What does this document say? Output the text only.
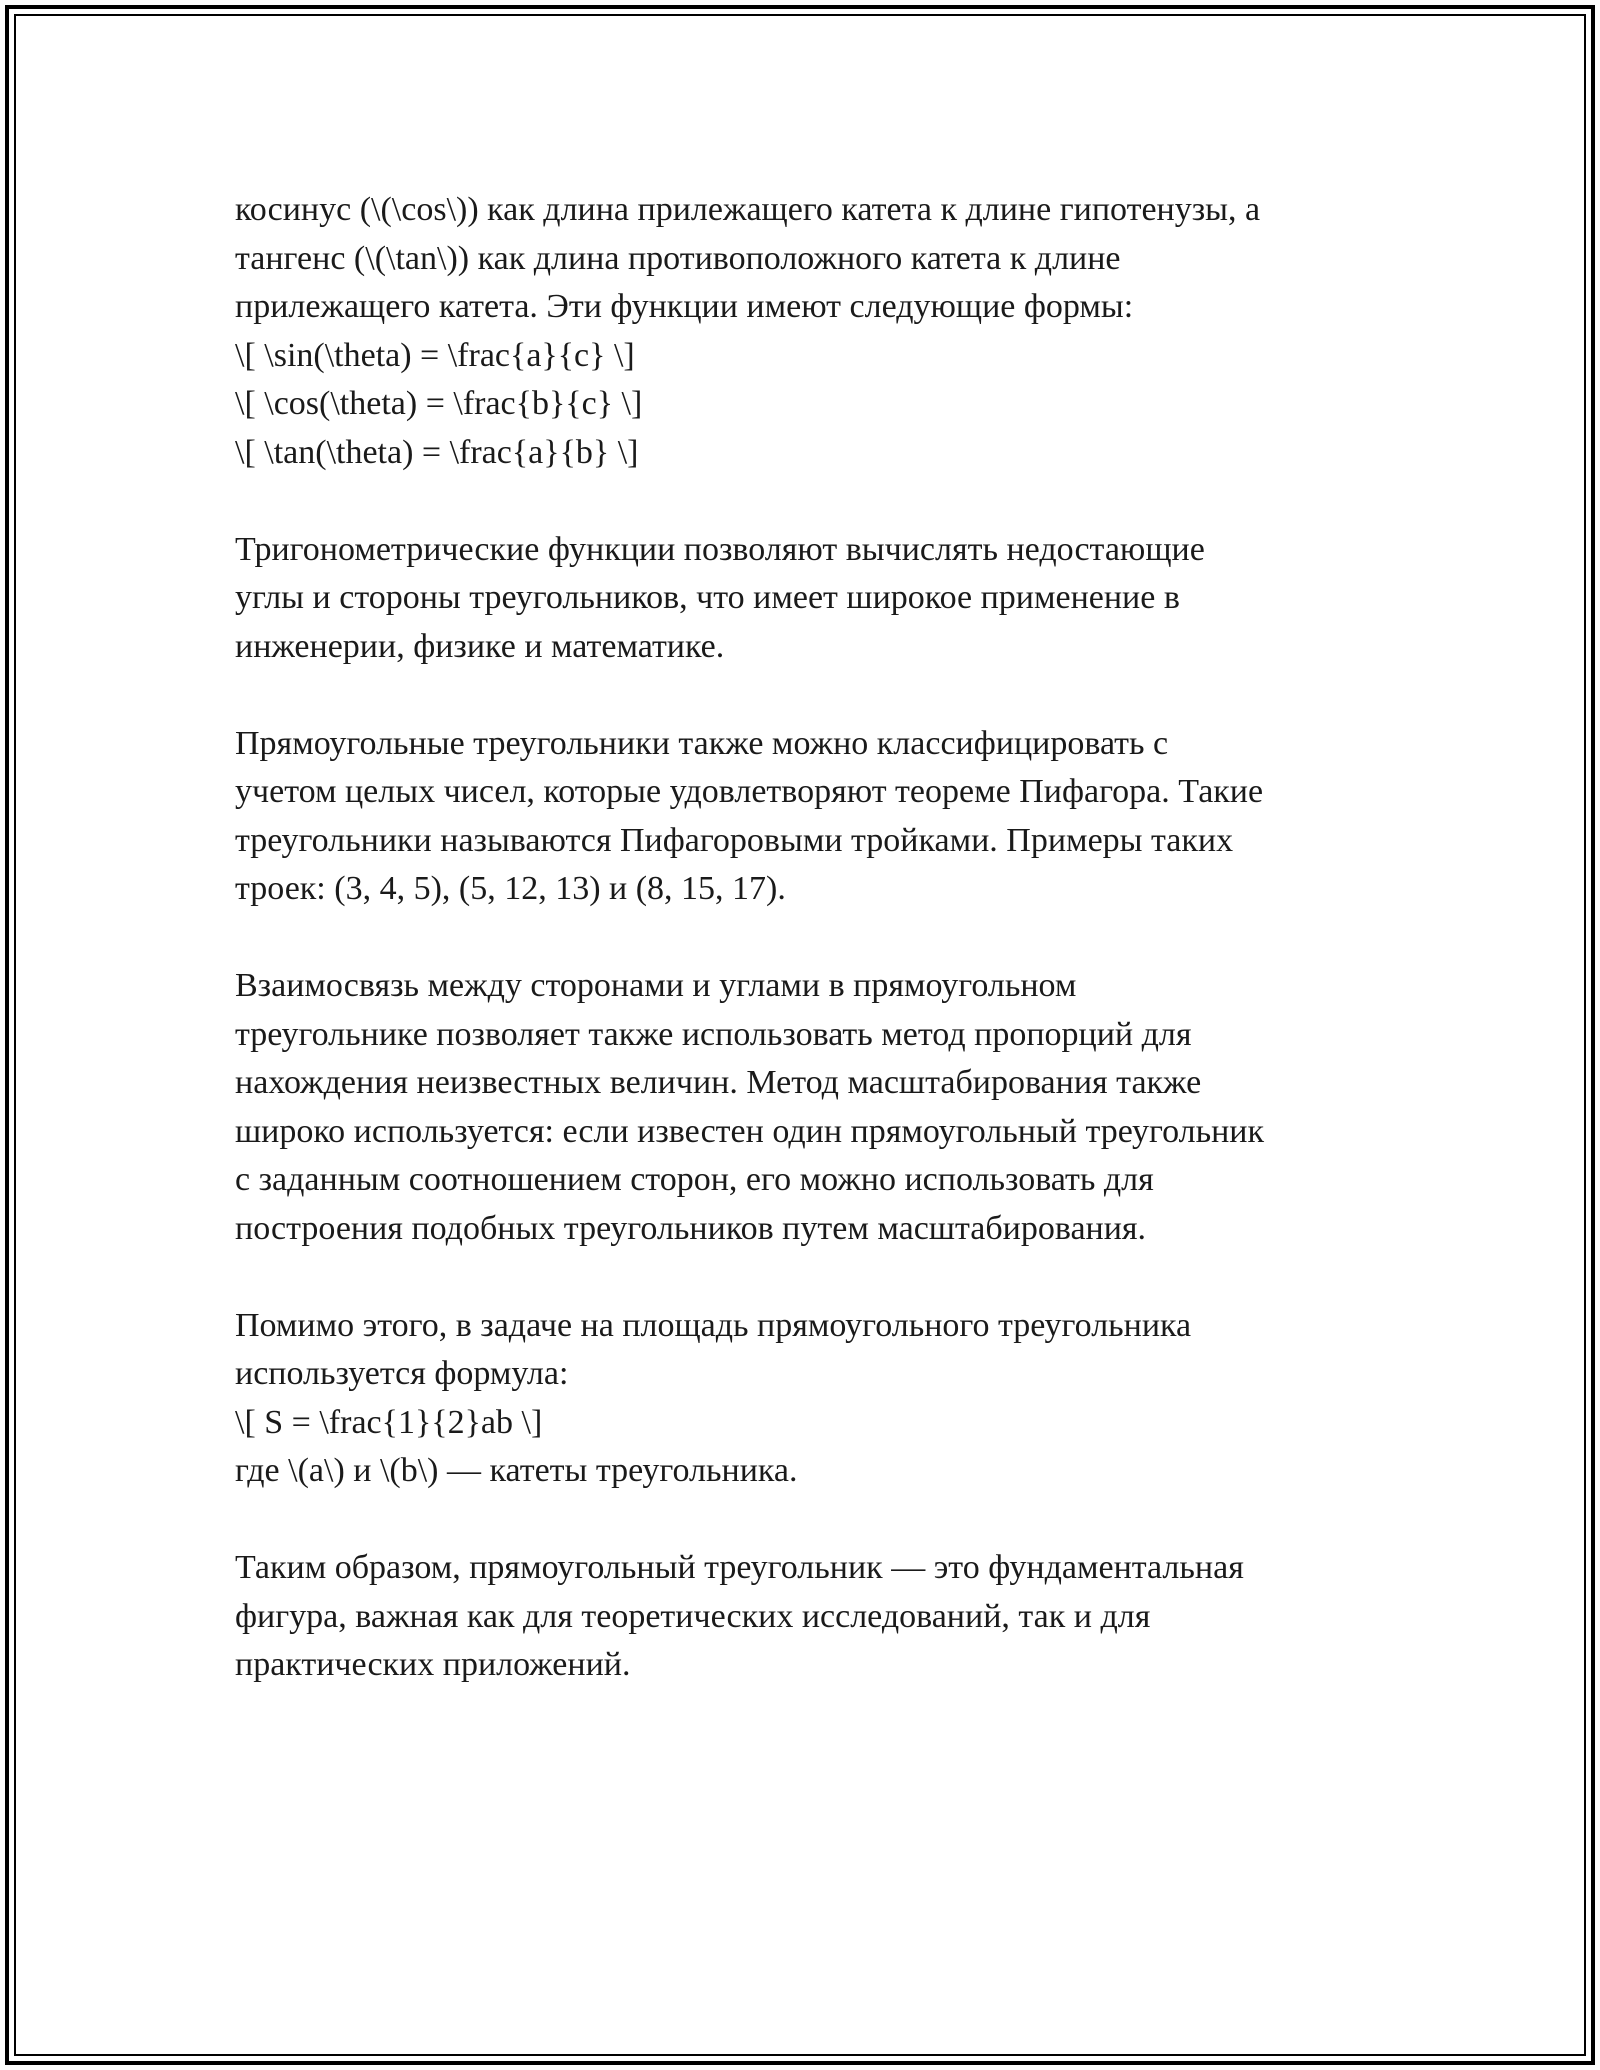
косинус (\(\cos\)) как длина прилежащего катета к длине гипотенузы, а
тангенс (\(\tan\)) как длина противоположного катета к длине
прилежащего катета. Эти функции имеют следующие формы:
\[ \sin(\theta) = \frac{a}{c} \]
\[ \cos(\theta) = \frac{b}{c} \]
\[ \tan(\theta) = \frac{a}{b} \]

Тригонометрические функции позволяют вычислять недостающие
углы и стороны треугольников, что имеет широкое применение в
инженерии, физике и математике.

Прямоугольные треугольники также можно классифицировать с
учетом целых чисел, которые удовлетворяют теореме Пифагора. Такие
треугольники называются Пифагоровыми тройками. Примеры таких
троек: (3, 4, 5), (5, 12, 13) и (8, 15, 17).

Взаимосвязь между сторонами и углами в прямоугольном
треугольнике позволяет также использовать метод пропорций для
нахождения неизвестных величин. Метод масштабирования также
широко используется: если известен один прямоугольный треугольник
с заданным соотношением сторон, его можно использовать для
построения подобных треугольников путем масштабирования.

Помимо этого, в задаче на площадь прямоугольного треугольника
используется формула:
\[ S = \frac{1}{2}ab \]
где \(a\) и \(b\) — катеты треугольника.

Таким образом, прямоугольный треугольник — это фундаментальная
фигура, важная как для теоретических исследований, так и для
практических приложений.
